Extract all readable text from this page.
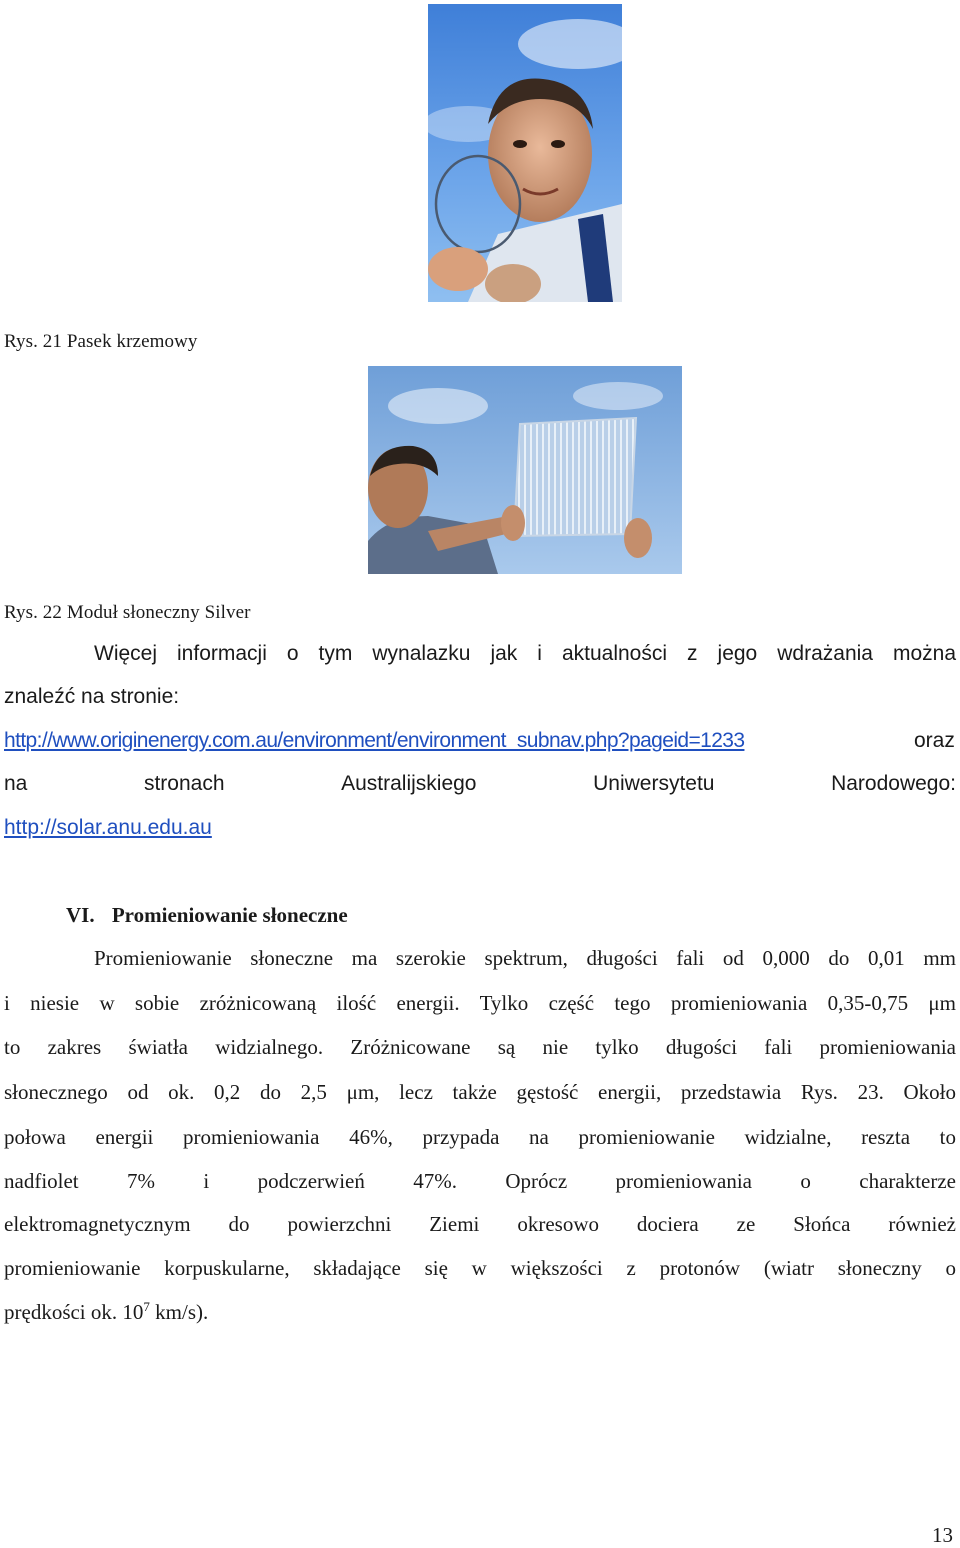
Rys. 21 Pasek krzemowy
Rys. 22 Moduł słoneczny Silver
Więcej informacji o tym wynalazku jak i aktualności z jego wdrażania można
znaleźć na stronie:
http://www.originenergy.com.au/environment/environment_subnav.php?pageid=1233	oraz
na	stronach	Australijskiego	Uniwersytetu	Narodowego:
http://solar.anu.edu.au
VI. Promieniowanie słoneczne
Promieniowanie słoneczne ma szerokie spektrum, długości fali od 0,000 do 0,01 mm
i niesie w sobie zróżnicowaną ilość energii. Tylko część tego promieniowania 0,35-0,75 μm
to zakres światła widzialnego. Zróżnicowane są nie tylko długości fali promieniowania
słonecznego od ok. 0,2 do 2,5 μm, lecz także gęstość energii, przedstawia Rys. 23. Około
połowa energii promieniowania 46%, przypada na promieniowanie widzialne, reszta to
nadfiolet 7% i podczerwień 47%. Oprócz promieniowania o charakterze
elektromagnetycznym do powierzchni Ziemi okresowo dociera ze Słońca również
promieniowanie korpuskularne, składające się w większości z protonów (wiatr słoneczny o
prędkości ok. $10^7$ km/s).
13
